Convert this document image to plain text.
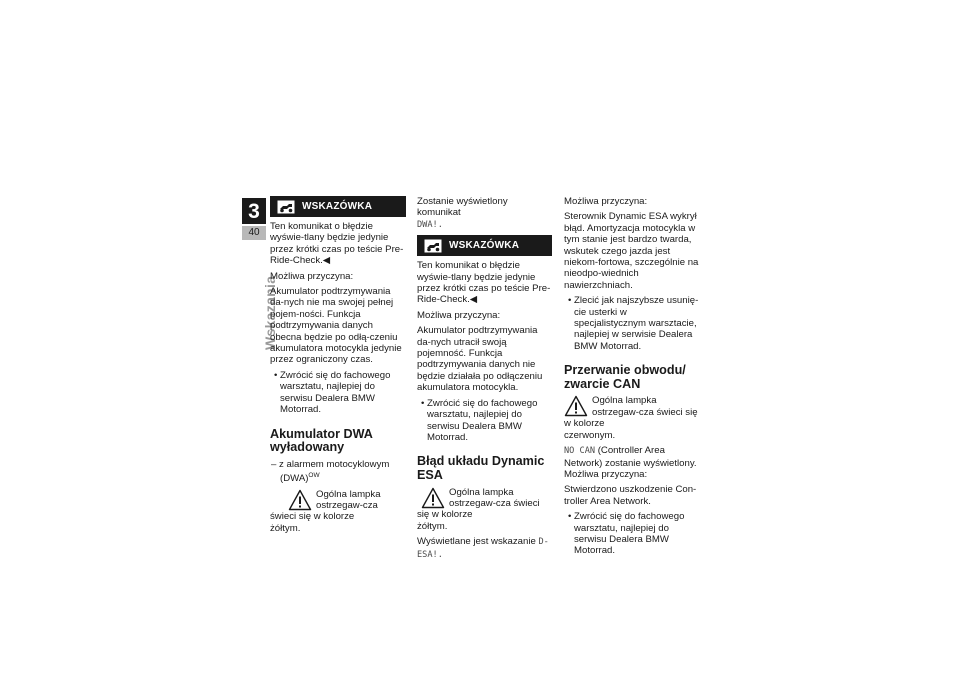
3
40
Wskazania
WSKAZÓWKA

Ten komunikat o błędzie wyświe-tlany będzie jedynie przez krótki czas po teście Pre-Ride-Check.◀

Możliwa przyczyna:

Akumulator podtrzymywania da-nych nie ma swojej pełnej pojem-ności. Funkcja podtrzymywania danych obecna będzie po odłą-czeniu akumulatora motocykla jedynie przez ograniczony czas.

• Zwrócić się do fachowego warsztatu, najlepiej do serwisu Dealera BMW Motorrad.
Akumulator DWA wyładowany
– z alarmem motocyklowym (DWA)$^{OW}$
Ogólna lampka ostrzegaw-cza świeci się w kolorze
żółtym.

Zostanie wyświetlony komunikat
DWA!.

WSKAZÓWKA

Ten komunikat o błędzie wyświe-tlany będzie jedynie przez krótki czas po teście Pre-Ride-Check.◀

Możliwa przyczyna:

Akumulator podtrzymywania da-nych utracił swoją pojemność. Funkcja podtrzymywania danych nie będzie działała po odłączeniu akumulatora motocykla.

• Zwrócić się do fachowego warsztatu, najlepiej do serwisu Dealera BMW Motorrad.
Błąd układu Dynamic ESA
Ogólna lampka ostrzegaw-cza świeci się w kolorze
żółtym.

Wyświetlane jest wskazanie D-ESA!.

Możliwa przyczyna:

Sterownik Dynamic ESA wykrył błąd. Amortyzacja motocykla w tym stanie jest bardzo twarda, wskutek czego jazda jest niekom-fortowa, szczególnie na nieodpo-wiednich nawierzchniach.

• Zlecić jak najszybsze usunię-cie usterki w specjalistycznym warsztacie, najlepiej w serwisie Dealera BMW Motorrad.
Przerwanie obwodu/ zwarcie CAN
Ogólna lampka ostrzegaw-cza świeci się w kolorze
czerwonym.

NO CAN (Controller Area Network) zostanie wyświetlony.

Możliwa przyczyna:

Stwierdzono uszkodzenie Con-troller Area Network.

• Zwrócić się do fachowego warsztatu, najlepiej do serwisu Dealera BMW Motorrad.
